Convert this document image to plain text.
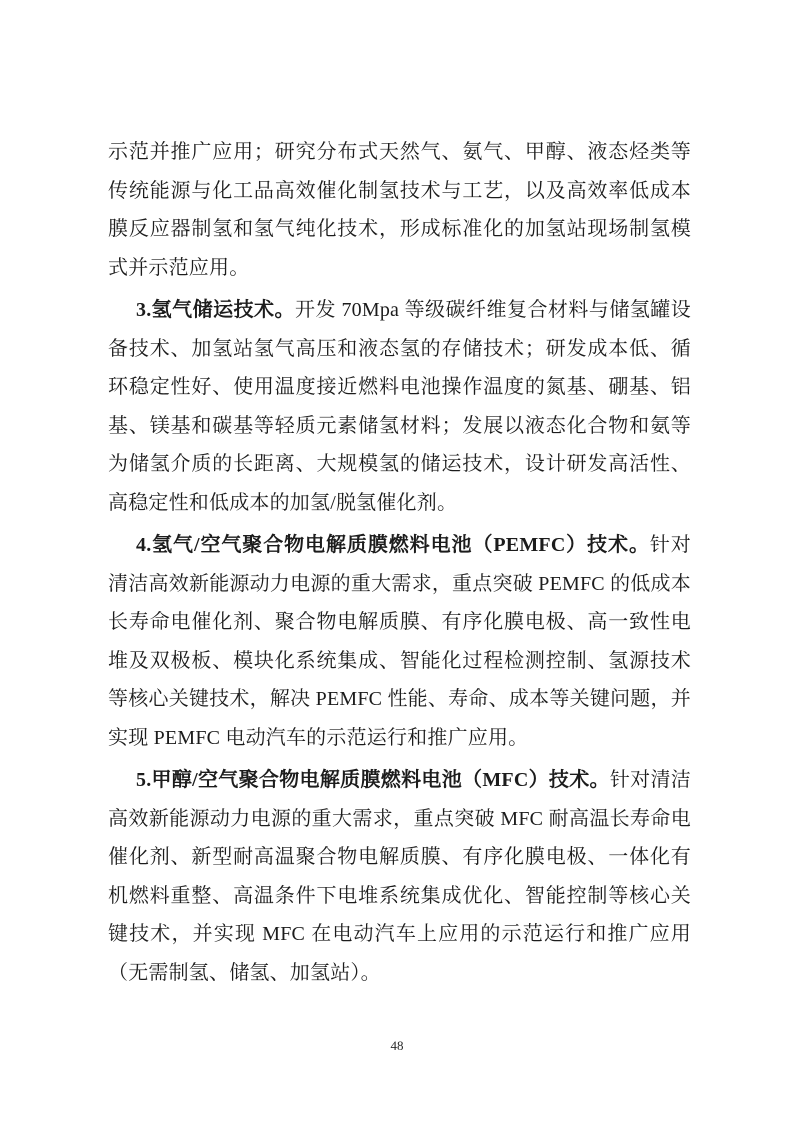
示范并推广应用；研究分布式天然气、氨气、甲醇、液态烃类等传统能源与化工品高效催化制氢技术与工艺，以及高效率低成本膜反应器制氢和氢气纯化技术，形成标准化的加氢站现场制氢模式并示范应用。

3.氢气储运技术。开发 70Mpa 等级碳纤维复合材料与储氢罐设备技术、加氢站氢气高压和液态氢的存储技术；研发成本低、循环稳定性好、使用温度接近燃料电池操作温度的氮基、硼基、铝基、镁基和碳基等轻质元素储氢材料；发展以液态化合物和氨等为储氢介质的长距离、大规模氢的储运技术，设计研发高活性、高稳定性和低成本的加氢/脱氢催化剂。

4.氢气/空气聚合物电解质膜燃料电池（PEMFC）技术。针对清洁高效新能源动力电源的重大需求，重点突破 PEMFC 的低成本长寿命电催化剂、聚合物电解质膜、有序化膜电极、高一致性电堆及双极板、模块化系统集成、智能化过程检测控制、氢源技术等核心关键技术，解决 PEMFC 性能、寿命、成本等关键问题，并实现 PEMFC 电动汽车的示范运行和推广应用。

5.甲醇/空气聚合物电解质膜燃料电池（MFC）技术。针对清洁高效新能源动力电源的重大需求，重点突破 MFC 耐高温长寿命电催化剂、新型耐高温聚合物电解质膜、有序化膜电极、一体化有机燃料重整、高温条件下电堆系统集成优化、智能控制等核心关键技术，并实现 MFC 在电动汽车上应用的示范运行和推广应用（无需制氢、储氢、加氢站）。

48
